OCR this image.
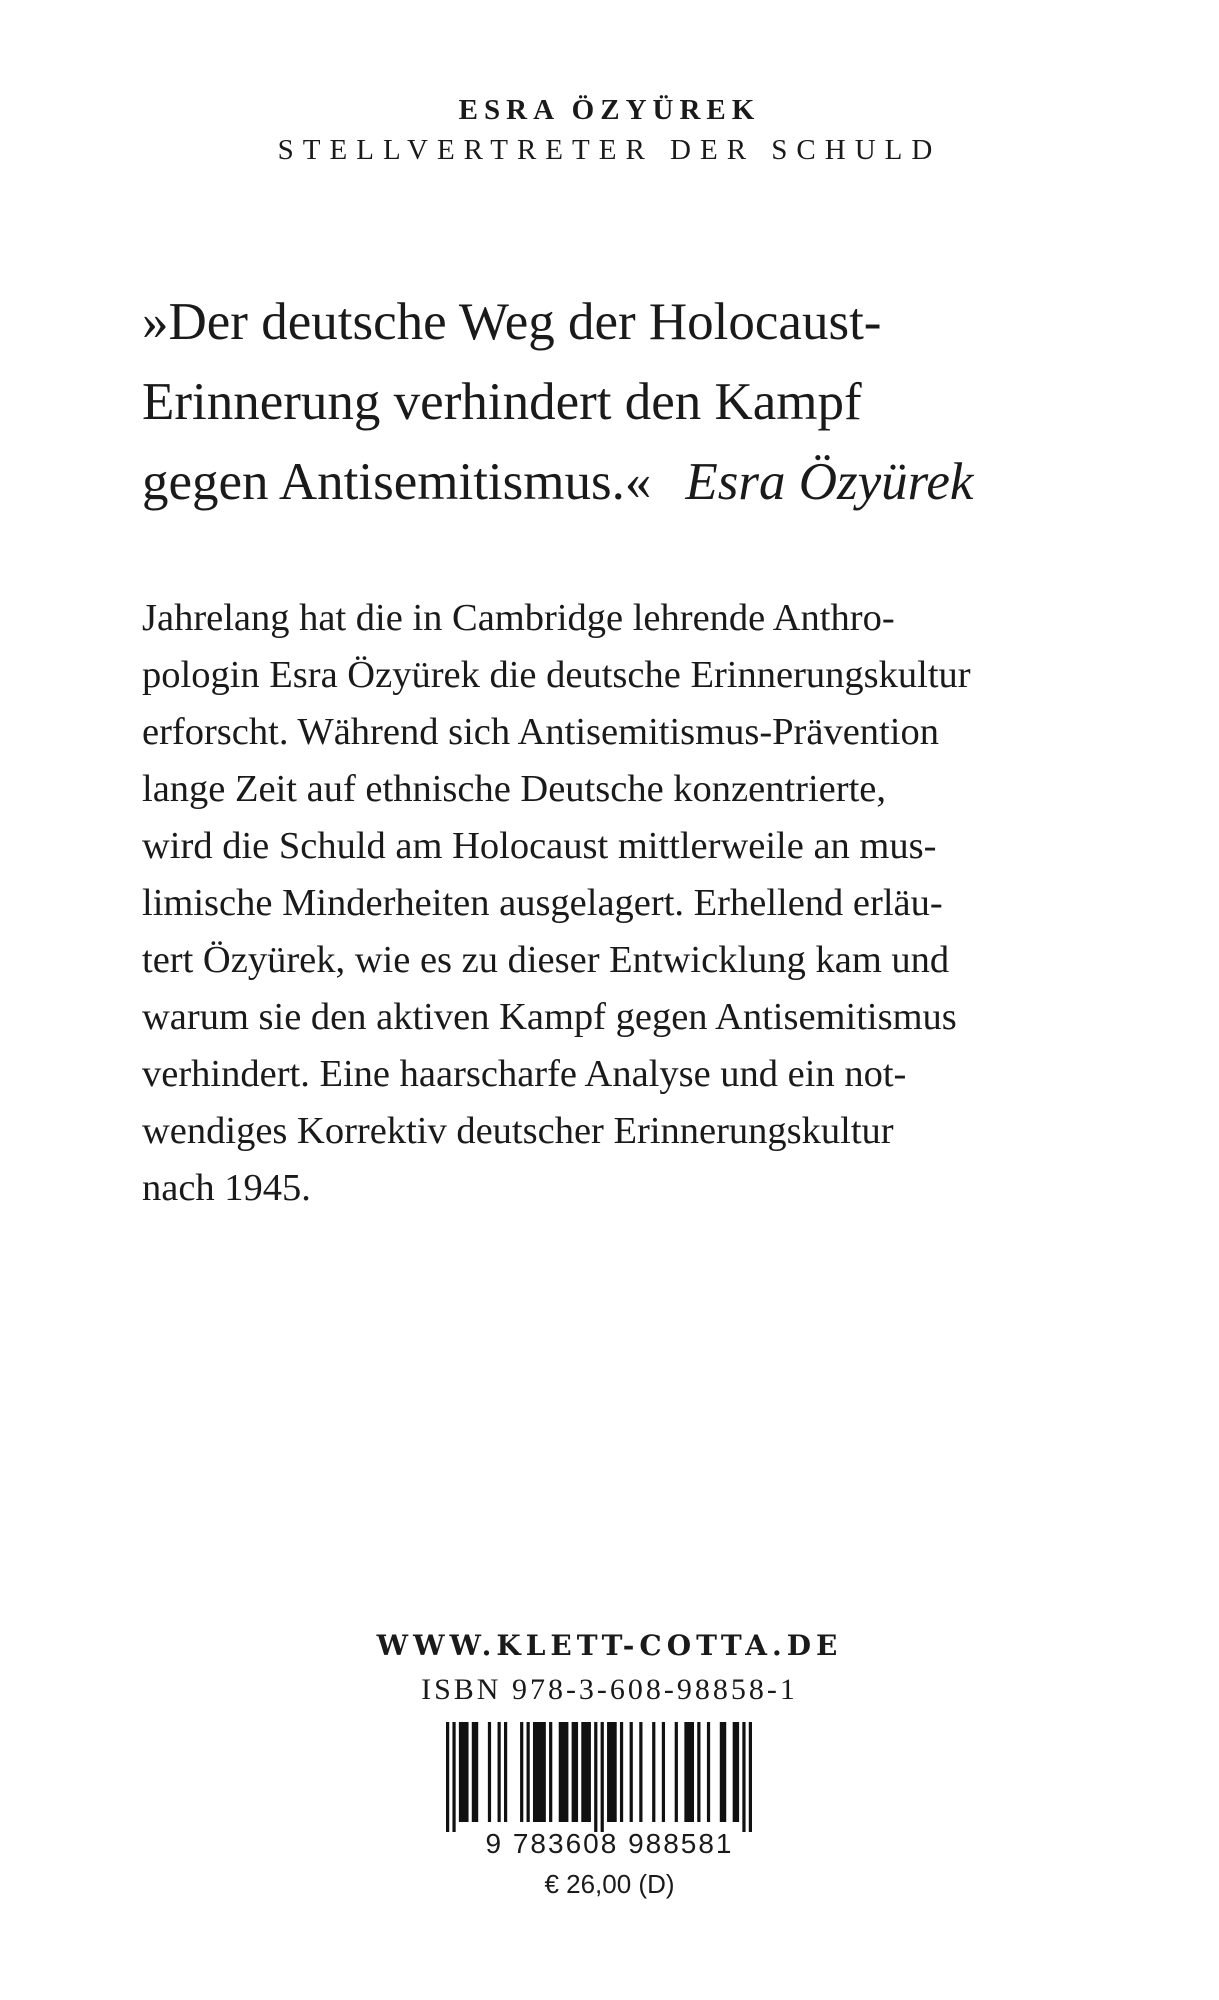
ESRA ÖZYÜREK
STELLVERTRETER DER SCHULD
»Der deutsche Weg der Holocaust-
Erinnerung verhindert den Kampf
gegen Antisemitismus.« Esra Özyürek
Jahrelang hat die in Cambridge lehrende Anthro-
pologin Esra Özyürek die deutsche Erinnerungskultur
erforscht. Während sich Antisemitismus-Prävention
lange Zeit auf ethnische Deutsche konzentrierte,
wird die Schuld am Holocaust mittlerweile an mus-
limische Minderheiten ausgelagert. Erhellend erläu-
tert Özyürek, wie es zu dieser Entwicklung kam und
warum sie den aktiven Kampf gegen Antisemitismus
verhindert. Eine haarscharfe Analyse und ein not-
wendiges Korrektiv deutscher Erinnerungskultur
nach 1945.
WWW.KLETT-COTTA.DE
ISBN 978-3-608-98858-1
9 783608 988581
€ 26,00 (D)
